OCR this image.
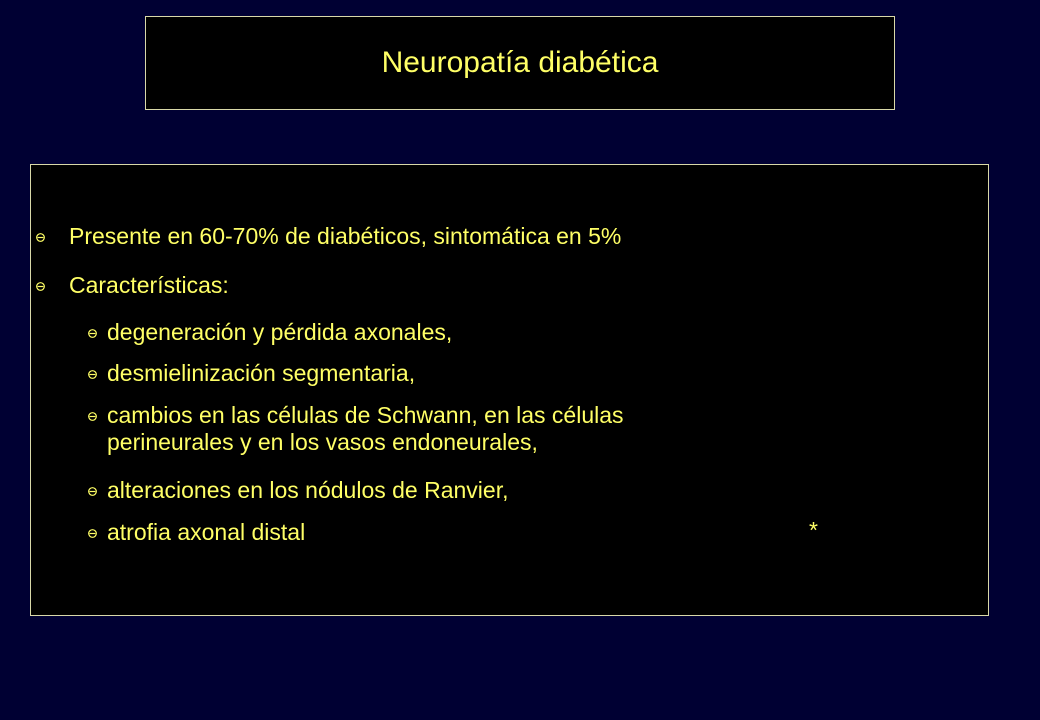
Neuropatía diabética
Presente en 60-70% de diabéticos, sintomática en 5%
Características:
degeneración y pérdida axonales,
desmielinización segmentaria,
cambios en las células de Schwann, en las células
perineurales y en los vasos endoneurales,
alteraciones en los nódulos de Ranvier,
atrofia axonal distal	*
